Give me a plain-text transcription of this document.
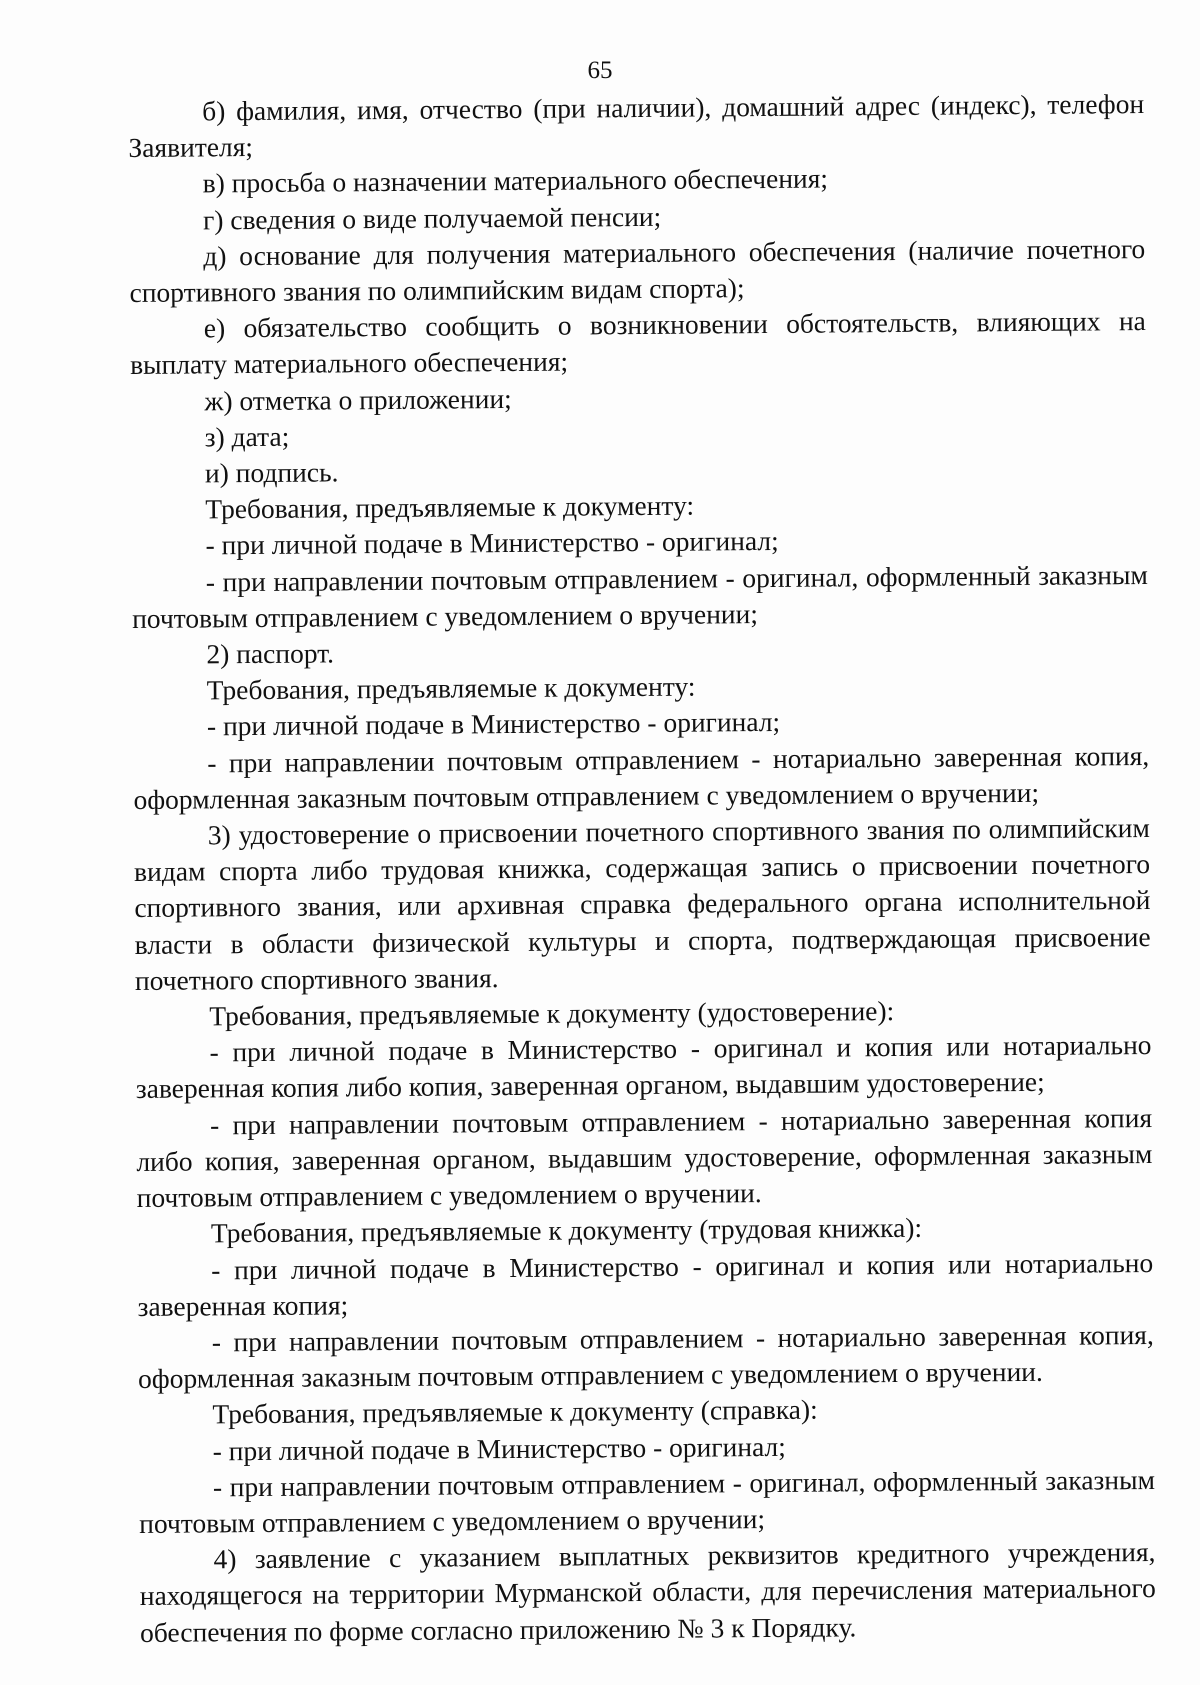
65

б) фамилия, имя, отчество (при наличии), домашний адрес (индекс), телефон Заявителя;

в) просьба о назначении материального обеспечения;

г) сведения о виде получаемой пенсии;

д) основание для получения материального обеспечения (наличие почетного спортивного звания по олимпийским видам спорта);

е) обязательство сообщить о возникновении обстоятельств, влияющих на выплату материального обеспечения;

ж) отметка о приложении;

з) дата;

и) подпись.

Требования, предъявляемые к документу:

- при личной подаче в Министерство - оригинал;

- при направлении почтовым отправлением - оригинал, оформленный заказным почтовым отправлением с уведомлением о вручении;

2) паспорт.

Требования, предъявляемые к документу:

- при личной подаче в Министерство - оригинал;

- при направлении почтовым отправлением - нотариально заверенная копия, оформленная заказным почтовым отправлением с уведомлением о вручении;

3) удостоверение о присвоении почетного спортивного звания по олимпийским видам спорта либо трудовая книжка, содержащая запись о присвоении почетного спортивного звания, или архивная справка федерального органа исполнительной власти в области физической культуры и спорта, подтверждающая присвоение почетного спортивного звания.

Требования, предъявляемые к документу (удостоверение):

- при личной подаче в Министерство - оригинал и копия или нотариально заверенная копия либо копия, заверенная органом, выдавшим удостоверение;

- при направлении почтовым отправлением - нотариально заверенная копия либо копия, заверенная органом, выдавшим удостоверение, оформленная заказным почтовым отправлением с уведомлением о вручении.

Требования, предъявляемые к документу (трудовая книжка):

- при личной подаче в Министерство - оригинал и копия или нотариально заверенная копия;

- при направлении почтовым отправлением - нотариально заверенная копия, оформленная заказным почтовым отправлением с уведомлением о вручении.

Требования, предъявляемые к документу (справка):

- при личной подаче в Министерство - оригинал;

- при направлении почтовым отправлением - оригинал, оформленный заказным почтовым отправлением с уведомлением о вручении;

4) заявление с указанием выплатных реквизитов кредитного учреждения, находящегося на территории Мурманской области, для перечисления материального обеспечения по форме согласно приложению № 3 к Порядку.
